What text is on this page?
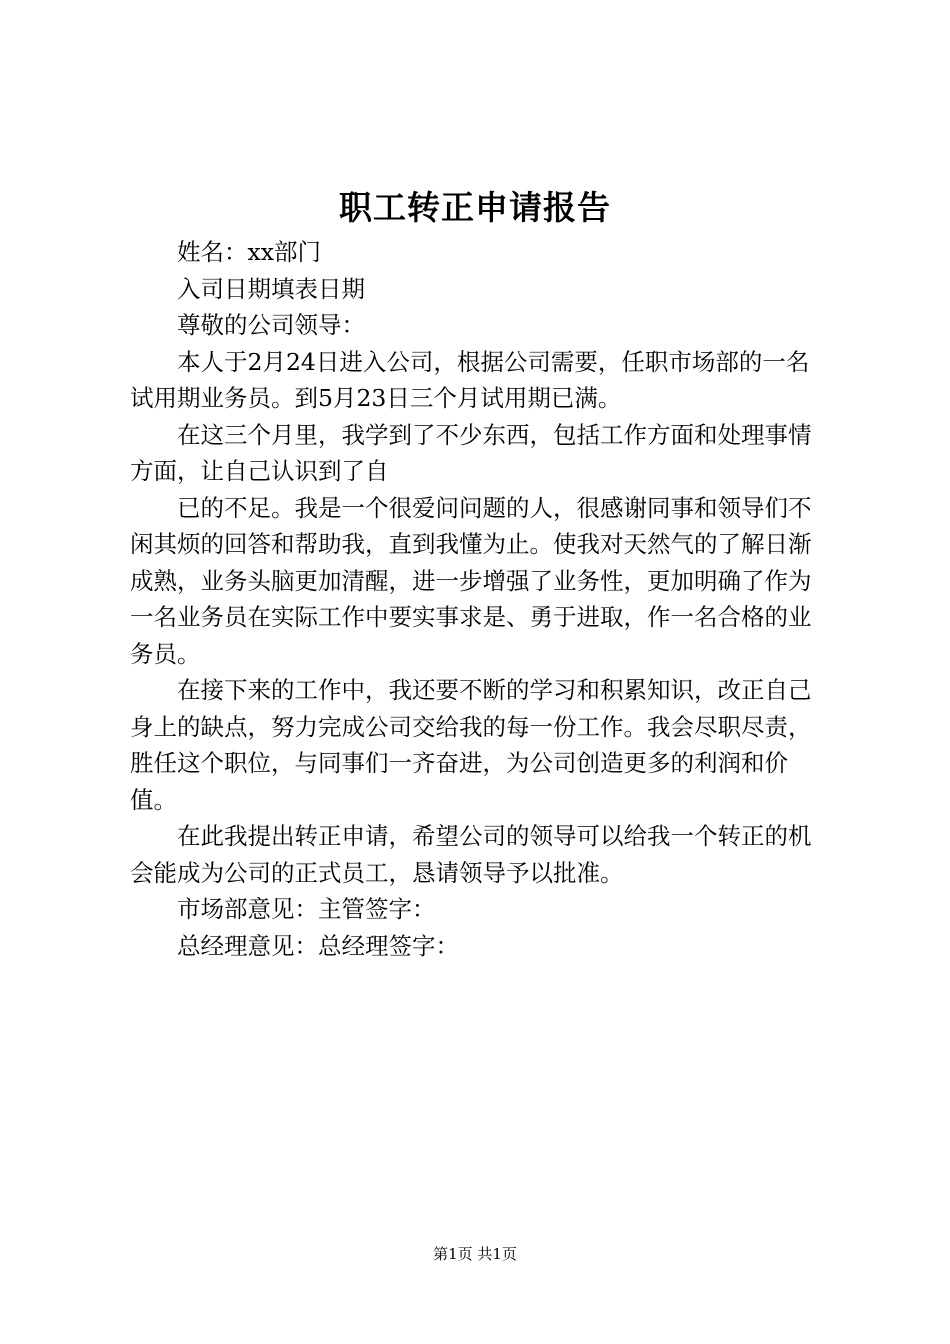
职工转正申请报告

姓名：xx部门

入司日期填表日期

尊敬的公司领导：

本人于2月24日进入公司，根据公司需要，任职市场部的一名试用期业务员。到5月23日三个月试用期已满。

在这三个月里，我学到了不少东西，包括工作方面和处理事情方面，让自己认识到了自

已的不足。我是一个很爱问问题的人，很感谢同事和领导们不闲其烦的回答和帮助我，直到我懂为止。使我对天然气的了解日渐成熟，业务头脑更加清醒，进一步增强了业务性，更加明确了作为一名业务员在实际工作中要实事求是、勇于进取，作一名合格的业务员。

在接下来的工作中，我还要不断的学习和积累知识，改正自己身上的缺点，努力完成公司交给我的每一份工作。我会尽职尽责，胜任这个职位，与同事们一齐奋进，为公司创造更多的利润和价值。

在此我提出转正申请，希望公司的领导可以给我一个转正的机会能成为公司的正式员工，恳请领导予以批准。

市场部意见：主管签字：

总经理意见：总经理签字：

第1页 共1页
